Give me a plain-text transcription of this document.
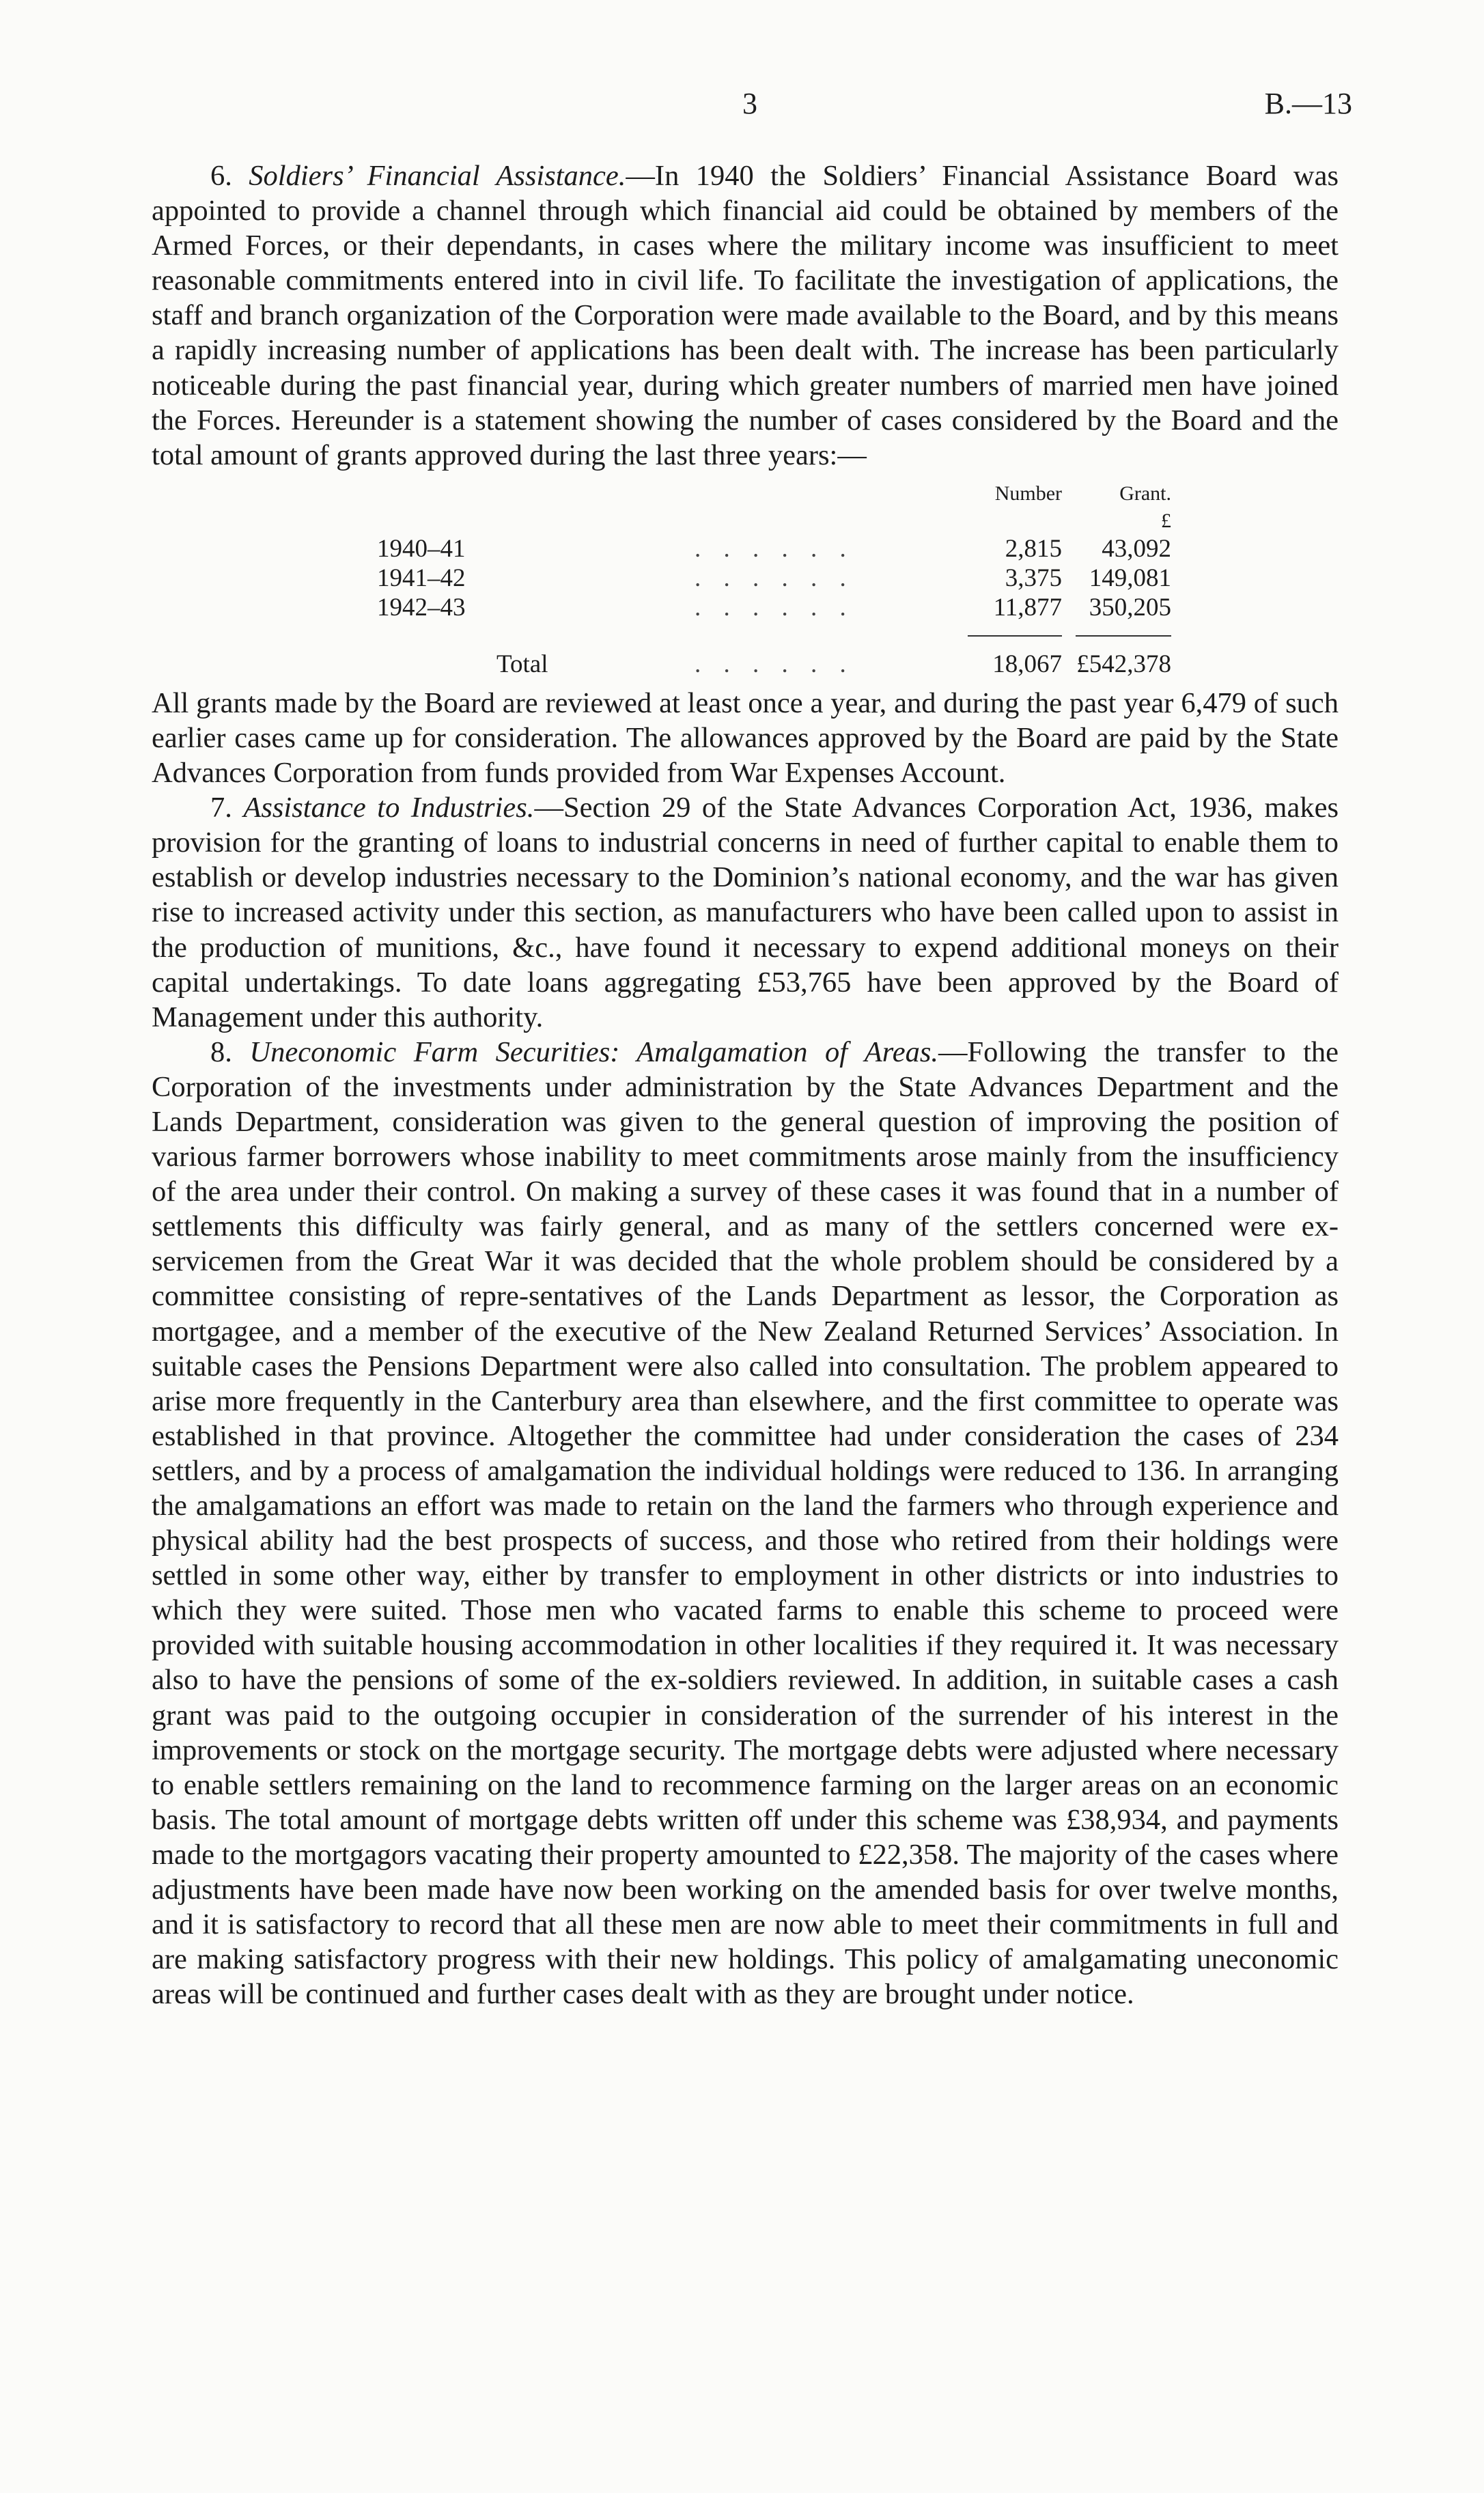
3	B.—13

6. Soldiers’ Financial Assistance.—In 1940 the Soldiers’ Financial Assistance Board was appointed to provide a channel through which financial aid could be obtained by members of the Armed Forces, or their dependants, in cases where the military income was insufficient to meet reasonable commitments entered into in civil life. To facilitate the investigation of applications, the staff and branch organization of the Corporation were made available to the Board, and by this means a rapidly increasing number of applications has been dealt with. The increase has been particularly noticeable during the past financial year, during which greater numbers of married men have joined the Forces. Hereunder is a statement showing the number of cases considered by the Board and the total amount of grants approved during the last three years:—

		Number	Grant.
			£
1940–41	. . . . . .	2,815	43,092
1941–42	. . . . . .	3,375	149,081
1942–43	. . . . . .	11,877	350,205

Total	. . . . . .	18,067	£542,378

All grants made by the Board are reviewed at least once a year, and during the past year 6,479 of such earlier cases came up for consideration. The allowances approved by the Board are paid by the State Advances Corporation from funds provided from War Expenses Account.

7. Assistance to Industries.—Section 29 of the State Advances Corporation Act, 1936, makes provision for the granting of loans to industrial concerns in need of further capital to enable them to establish or develop industries necessary to the Dominion’s national economy, and the war has given rise to increased activity under this section, as manufacturers who have been called upon to assist in the production of munitions, &c., have found it necessary to expend additional moneys on their capital undertakings. To date loans aggregating £53,765 have been approved by the Board of Management under this authority.

8. Uneconomic Farm Securities: Amalgamation of Areas.—Following the transfer to the Corporation of the investments under administration by the State Advances Department and the Lands Department, consideration was given to the general question of improving the position of various farmer borrowers whose inability to meet commitments arose mainly from the insufficiency of the area under their control. On making a survey of these cases it was found that in a number of settlements this difficulty was fairly general, and as many of the settlers concerned were ex-servicemen from the Great War it was decided that the whole problem should be considered by a committee consisting of repre-sentatives of the Lands Department as lessor, the Corporation as mortgagee, and a member of the executive of the New Zealand Returned Services’ Association. In suitable cases the Pensions Department were also called into consultation. The problem appeared to arise more frequently in the Canterbury area than elsewhere, and the first committee to operate was established in that province. Altogether the committee had under consideration the cases of 234 settlers, and by a process of amalgamation the individual holdings were reduced to 136. In arranging the amalgamations an effort was made to retain on the land the farmers who through experience and physical ability had the best prospects of success, and those who retired from their holdings were settled in some other way, either by transfer to employment in other districts or into industries to which they were suited. Those men who vacated farms to enable this scheme to proceed were provided with suitable housing accommodation in other localities if they required it. It was necessary also to have the pensions of some of the ex-soldiers reviewed. In addition, in suitable cases a cash grant was paid to the outgoing occupier in consideration of the surrender of his interest in the improvements or stock on the mortgage security. The mortgage debts were adjusted where necessary to enable settlers remaining on the land to recommence farming on the larger areas on an economic basis. The total amount of mortgage debts written off under this scheme was £38,934, and payments made to the mortgagors vacating their property amounted to £22,358. The majority of the cases where adjustments have been made have now been working on the amended basis for over twelve months, and it is satisfactory to record that all these men are now able to meet their commitments in full and are making satisfactory progress with their new holdings. This policy of amalgamating uneconomic areas will be continued and further cases dealt with as they are brought under notice.
